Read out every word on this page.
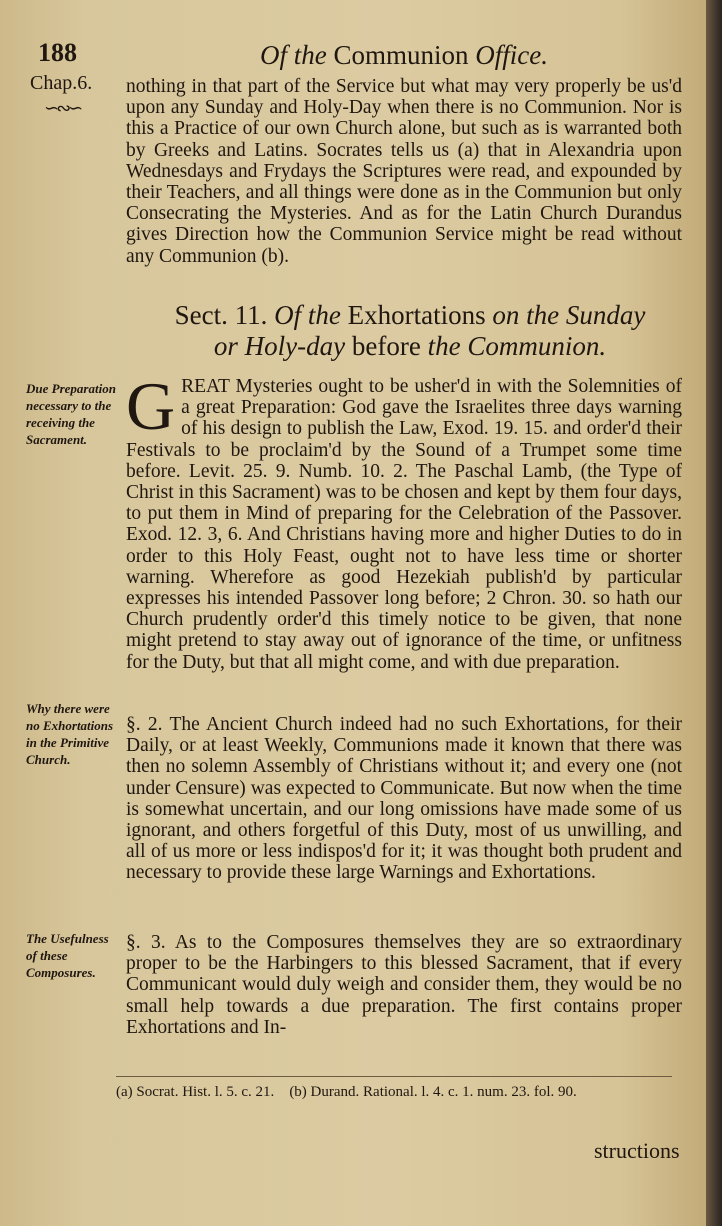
188	Of the Communion Office.
Chap.6.
∽∾∽

nothing in that part of the Service but what may very properly be us'd upon any Sunday and Holy-Day when there is no Communion. Nor is this a Practice of our own Church alone, but such as is warranted both by Greeks and Latins. Socrates tells us (a) that in Alexandria upon Wednesdays and Frydays the Scriptures were read, and expounded by their Teachers, and all things were done as in the Communion but only Consecrating the Mysteries. And as for the Latin Church Durandus gives Direction how the Communion Service might be read without any Communion (b).

Sect. 11. Of the Exhortations on the Sunday
or Holy-day before the Communion.
Due Preparation necessary to the receiving the Sacrament.
Why there were no Exhortations in the Primitive Church.
The Usefulness of these Composures.
G REAT Mysteries ought to be usher'd in with the Solemnities of a great Preparation: God gave the Israelites three days warning of his design to publish the Law, Exod. 19. 15. and order'd their Festivals to be proclaim'd by the Sound of a Trumpet some time before. Levit. 25. 9. Numb. 10. 2. The Paschal Lamb, (the Type of Christ in this Sacrament) was to be chosen and kept by them four days, to put them in Mind of preparing for the Celebration of the Passover. Exod. 12. 3, 6. And Christians having more and higher Duties to do in order to this Holy Feast, ought not to have less time or shorter warning. Wherefore as good Hezekiah publish'd by particular expresses his intended Passover long before; 2 Chron. 30. so hath our Church prudently order'd this timely notice to be given, that none might pretend to stay away out of ignorance of the time, or unfitness for the Duty, but that all might come, and with due preparation.

§. 2. The Ancient Church indeed had no such Exhortations, for their Daily, or at least Weekly, Communions made it known that there was then no solemn Assembly of Christians without it; and every one (not under Censure) was expected to Communicate. But now when the time is somewhat uncertain, and our long omissions have made some of us ignorant, and others forgetful of this Duty, most of us unwilling, and all of us more or less indispos'd for it; it was thought both prudent and necessary to provide these large Warnings and Exhortations.

§. 3. As to the Composures themselves they are so extraordinary proper to be the Harbingers to this blessed Sacrament, that if every Communicant would duly weigh and consider them, they would be no small help towards a due preparation. The first contains proper Exhortations and In-

(a) Socrat. Hist. l. 5. c. 21. (b) Durand. Rational. l. 4. c. 1. num. 23. fol. 90.
structions
